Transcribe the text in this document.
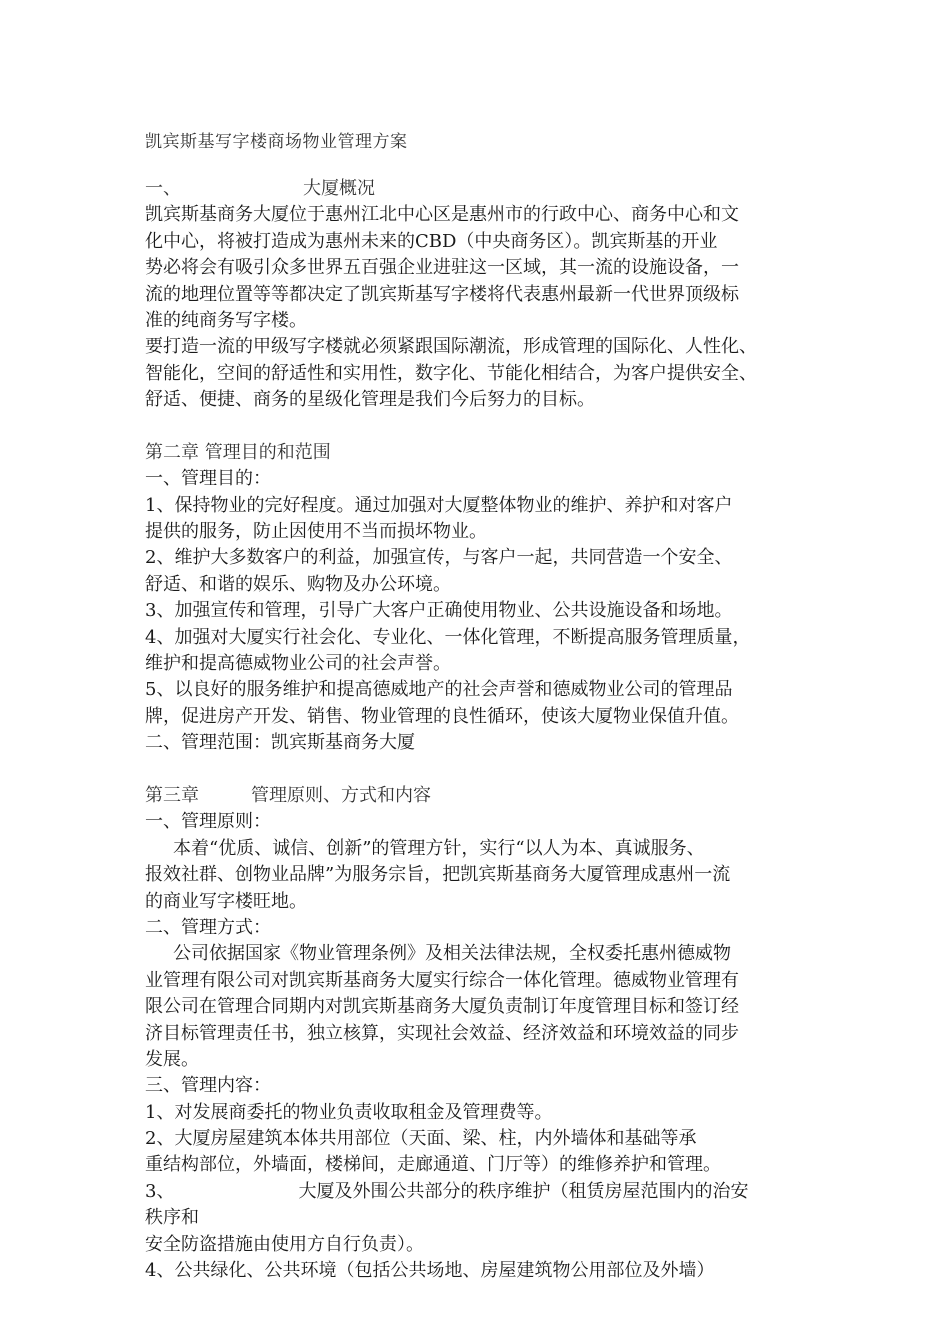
凯宾斯基写字楼商场物业管理方案
一、	大厦概况
凯宾斯基商务大厦位于惠州江北中心区是惠州市的行政中心、商务中心和文
化中心，将被打造成为惠州未来的CBD（中央商务区）。凯宾斯基的开业
势必将会有吸引众多世界五百强企业进驻这一区域，其一流的设施设备，一
流的地理位置等等都决定了凯宾斯基写字楼将代表惠州最新一代世界顶级标
准的纯商务写字楼。
要打造一流的甲级写字楼就必须紧跟国际潮流，形成管理的国际化、人性化、
智能化，空间的舒适性和实用性，数字化、节能化相结合，为客户提供安全、
舒适、便捷、商务的星级化管理是我们今后努力的目标。
第二章 管理目的和范围
一、管理目的：
1、保持物业的完好程度。通过加强对大厦整体物业的维护、养护和对客户
提供的服务，防止因使用不当而损坏物业。
2、维护大多数客户的利益，加强宣传，与客户一起，共同营造一个安全、
舒适、和谐的娱乐、购物及办公环境。
3、加强宣传和管理，引导广大客户正确使用物业、公共设施设备和场地。
4、加强对大厦实行社会化、专业化、一体化管理，不断提高服务管理质量，
维护和提高德威物业公司的社会声誉。
5、以良好的服务维护和提高德威地产的社会声誉和德威物业公司的管理品
牌，促进房产开发、销售、物业管理的良性循环，使该大厦物业保值升值。
二、管理范围：凯宾斯基商务大厦
第三章	管理原则、方式和内容
一、管理原则：
本着“优质、诚信、创新”的管理方针，实行“以人为本、真诚服务、
报效社群、创物业品牌”为服务宗旨，把凯宾斯基商务大厦管理成惠州一流
的商业写字楼旺地。
二、管理方式：
公司依据国家《物业管理条例》及相关法律法规，全权委托惠州德威物
业管理有限公司对凯宾斯基商务大厦实行综合一体化管理。德威物业管理有
限公司在管理合同期内对凯宾斯基商务大厦负责制订年度管理目标和签订经
济目标管理责任书，独立核算，实现社会效益、经济效益和环境效益的同步
发展。
三、管理内容：
1、对发展商委托的物业负责收取租金及管理费等。
2、大厦房屋建筑本体共用部位（天面、梁、柱，内外墙体和基础等承
重结构部位，外墙面，楼梯间，走廊通道、门厅等）的维修养护和管理。
3、	大厦及外围公共部分的秩序维护（租赁房屋范围内的治安
秩序和
安全防盗措施由使用方自行负责）。
4、公共绿化、公共环境（包括公共场地、房屋建筑物公用部位及外墙）
